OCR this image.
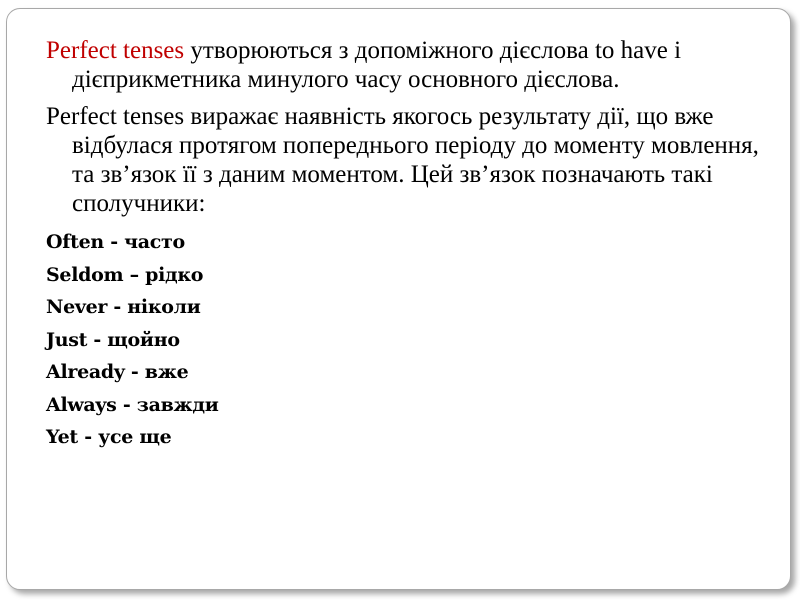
Perfect tenses утворюються з допоміжного дієслова to have і дієприкметника минулого часу основного дієслова.

Perfect tenses виражає наявність якогось результату дії, що вже відбулася протягом попереднього періоду до моменту мовлення, та зв’язок її з даним моментом. Цей зв’язок позначають такі сполучники:

Often - часто
Seldom – рідко
Never - ніколи
Just - щойно
Already - вже
Always - завжди
Yet - усе ще
